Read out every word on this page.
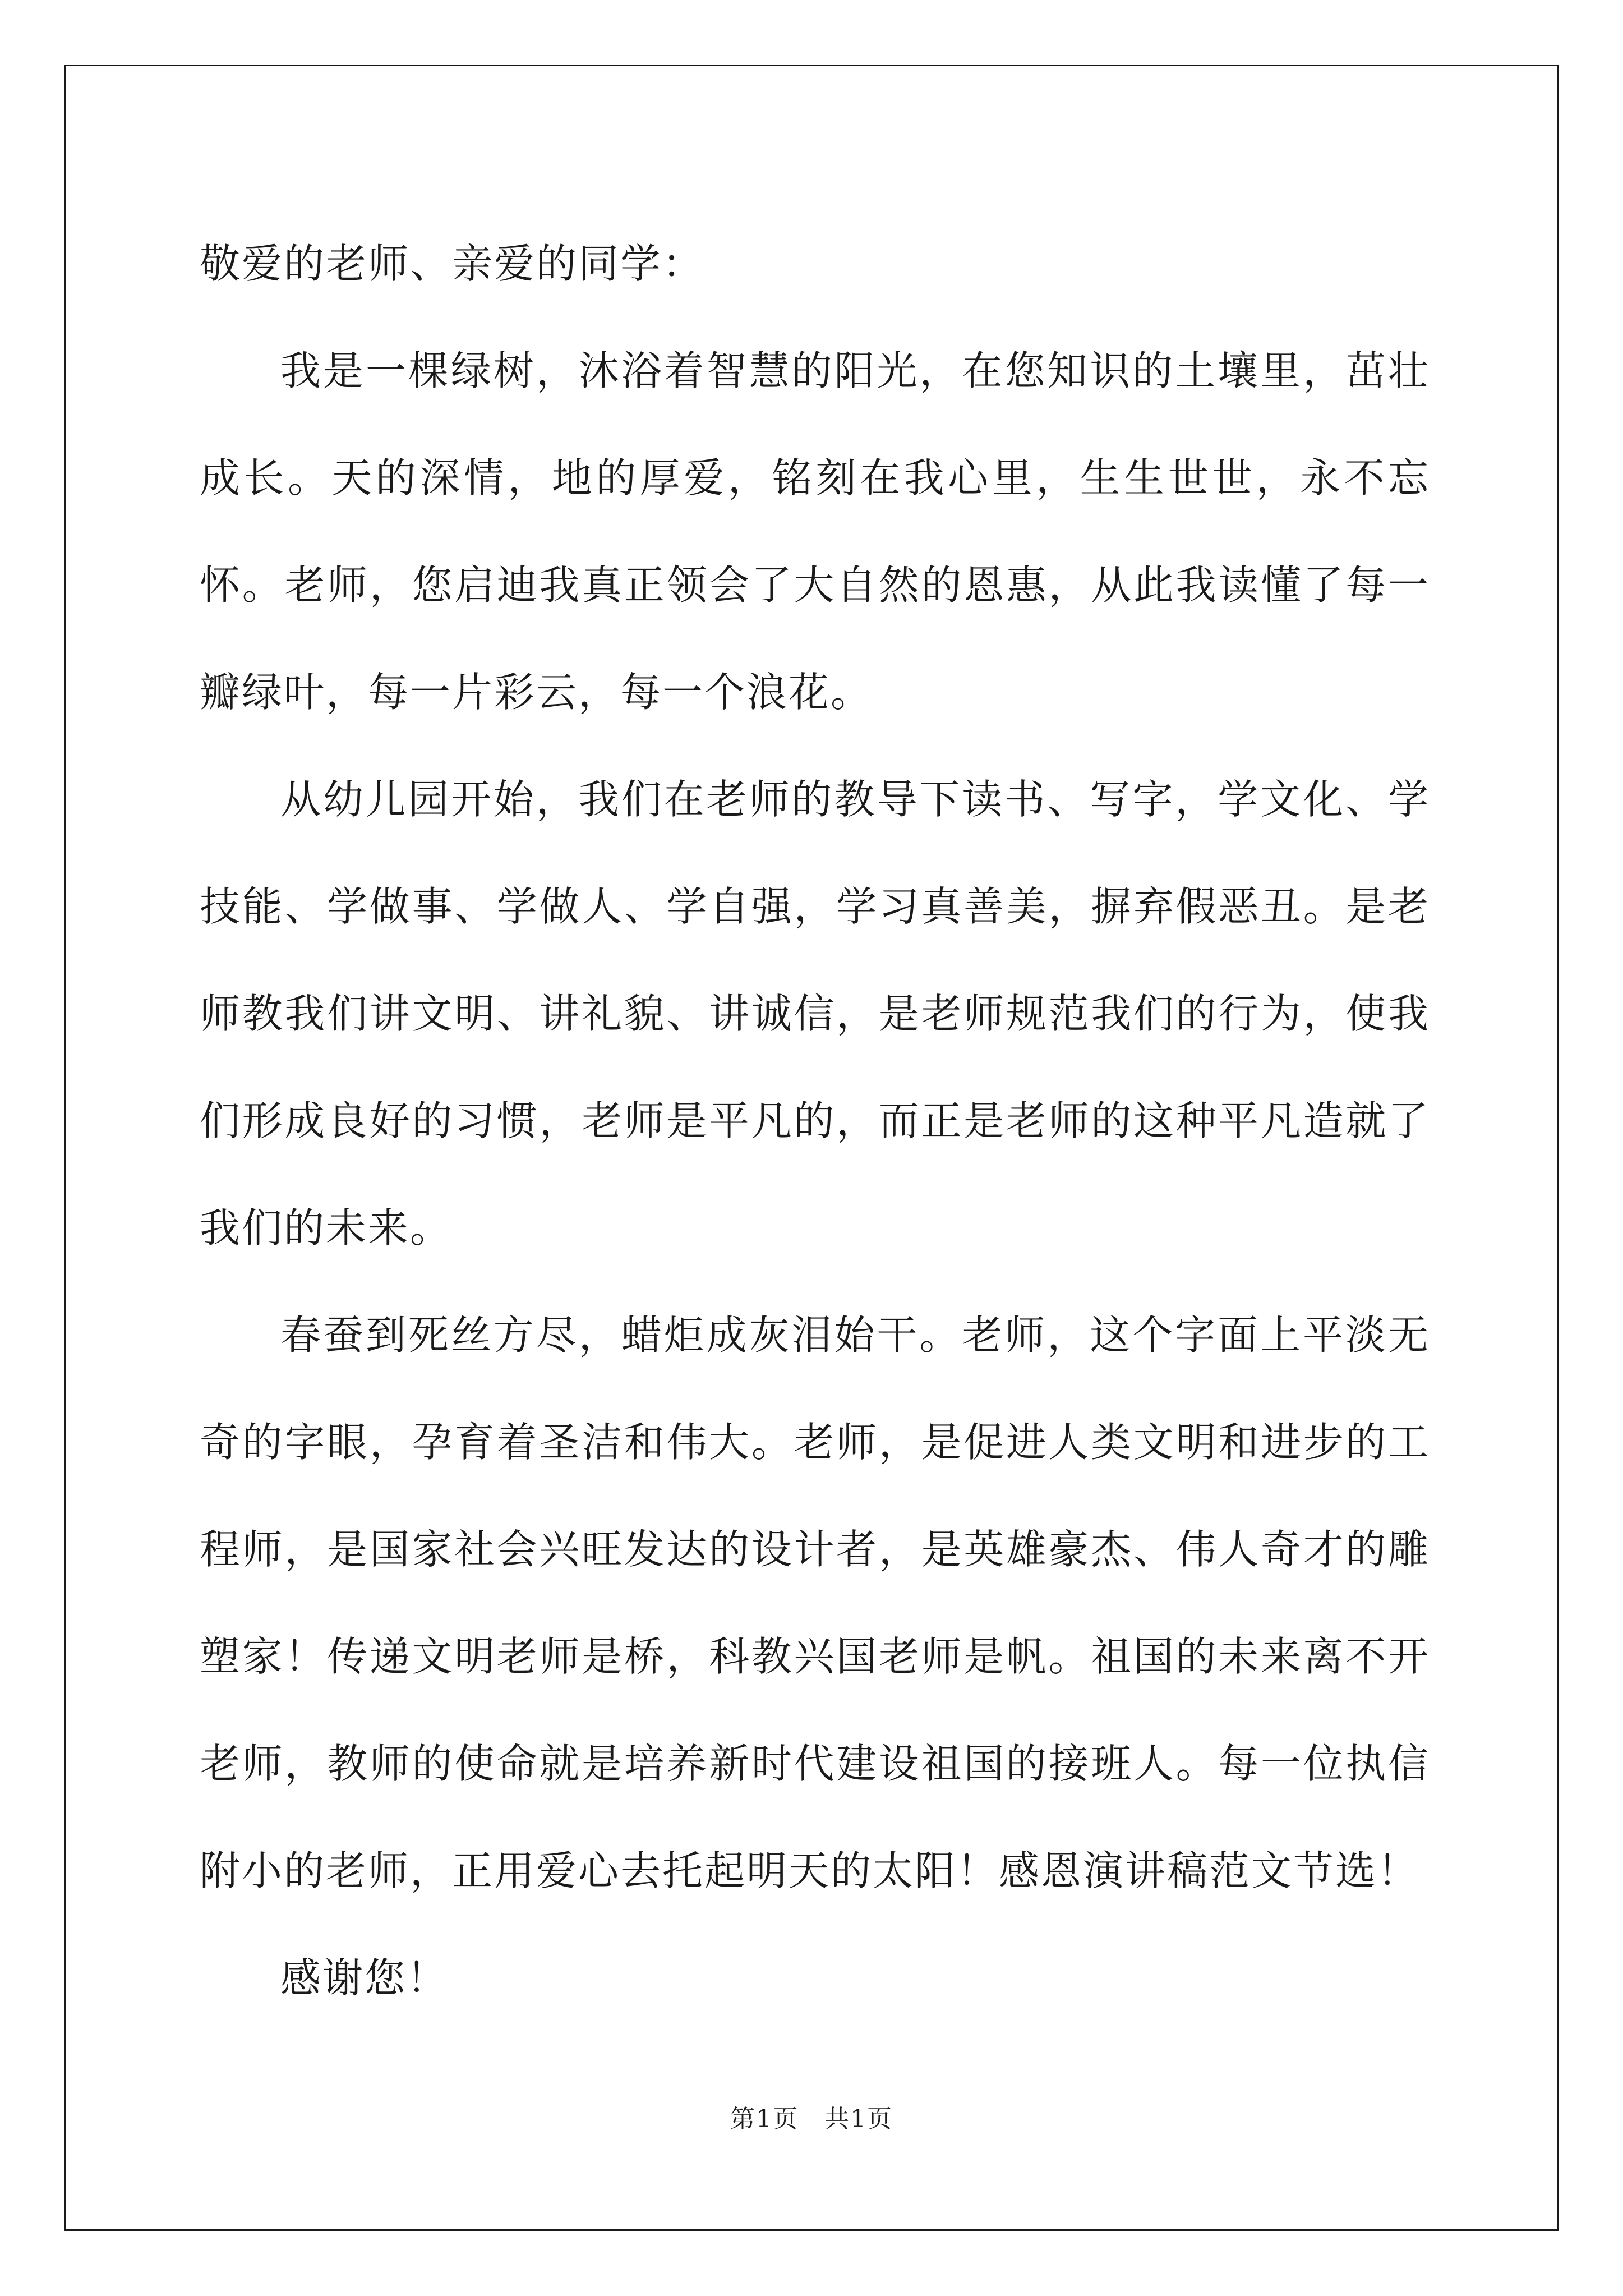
敬爱的老师、亲爱的同学：

我是一棵绿树，沐浴着智慧的阳光，在您知识的土壤里，茁壮成长。天的深情，地的厚爱，铭刻在我心里，生生世世，永不忘怀。老师，您启迪我真正领会了大自然的恩惠，从此我读懂了每一瓣绿叶，每一片彩云，每一个浪花。

从幼儿园开始，我们在老师的教导下读书、写字，学文化、学技能、学做事、学做人、学自强，学习真善美，摒弃假恶丑。是老师教我们讲文明、讲礼貌、讲诚信，是老师规范我们的行为，使我们形成良好的习惯，老师是平凡的，而正是老师的这种平凡造就了我们的未来。

春蚕到死丝方尽，蜡炬成灰泪始干。老师，这个字面上平淡无奇的字眼，孕育着圣洁和伟大。老师，是促进人类文明和进步的工程师，是国家社会兴旺发达的设计者，是英雄豪杰、伟人奇才的雕塑家！传递文明老师是桥，科教兴国老师是帆。祖国的未来离不开老师，教师的使命就是培养新时代建设祖国的接班人。每一位执信附小的老师，正用爱心去托起明天的太阳！感恩演讲稿范文节选！

感谢您！

第1页　共1页
